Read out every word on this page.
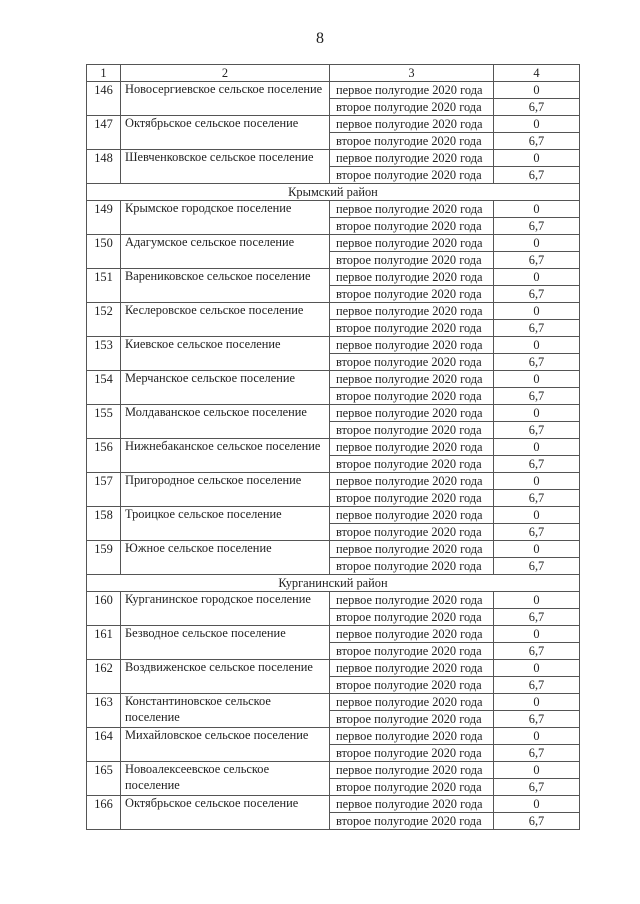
8
1	2	3	4
146	Новосергиевское сельское поселение	первое полугодие 2020 года	0
		второе полугодие 2020 года	6,7
147	Октябрьское сельское поселение	первое полугодие 2020 года	0
		второе полугодие 2020 года	6,7
148	Шевченковское сельское поселение	первое полугодие 2020 года	0
		второе полугодие 2020 года	6,7
Крымский район			
149	Крымское городское поселение	первое полугодие 2020 года	0
		второе полугодие 2020 года	6,7
150	Адагумское сельское поселение	первое полугодие 2020 года	0
		второе полугодие 2020 года	6,7
151	Варениковское сельское поселение	первое полугодие 2020 года	0
		второе полугодие 2020 года	6,7
152	Кеслеровское сельское поселение	первое полугодие 2020 года	0
		второе полугодие 2020 года	6,7
153	Киевское сельское поселение	первое полугодие 2020 года	0
		второе полугодие 2020 года	6,7
154	Мерчанское сельское поселение	первое полугодие 2020 года	0
		второе полугодие 2020 года	6,7
155	Молдаванское сельское поселение	первое полугодие 2020 года	0
		второе полугодие 2020 года	6,7
156	Нижнебаканское сельское поселение	первое полугодие 2020 года	0
		второе полугодие 2020 года	6,7
157	Пригородное сельское поселение	первое полугодие 2020 года	0
		второе полугодие 2020 года	6,7
158	Троицкое сельское поселение	первое полугодие 2020 года	0
		второе полугодие 2020 года	6,7
159	Южное сельское поселение	первое полугодие 2020 года	0
		второе полугодие 2020 года	6,7
Курганинский район			
160	Курганинское городское поселение	первое полугодие 2020 года	0
		второе полугодие 2020 года	6,7
161	Безводное сельское поселение	первое полугодие 2020 года	0
		второе полугодие 2020 года	6,7
162	Воздвиженское сельское поселение	первое полугодие 2020 года	0
		второе полугодие 2020 года	6,7
163	Константиновское сельское поселение	первое полугодие 2020 года	0
		второе полугодие 2020 года	6,7
164	Михайловское сельское поселение	первое полугодие 2020 года	0
		второе полугодие 2020 года	6,7
165	Новоалексеевское сельское поселение	первое полугодие 2020 года	0
		второе полугодие 2020 года	6,7
166	Октябрьское сельское поселение	первое полугодие 2020 года	0
		второе полугодие 2020 года	6,7
